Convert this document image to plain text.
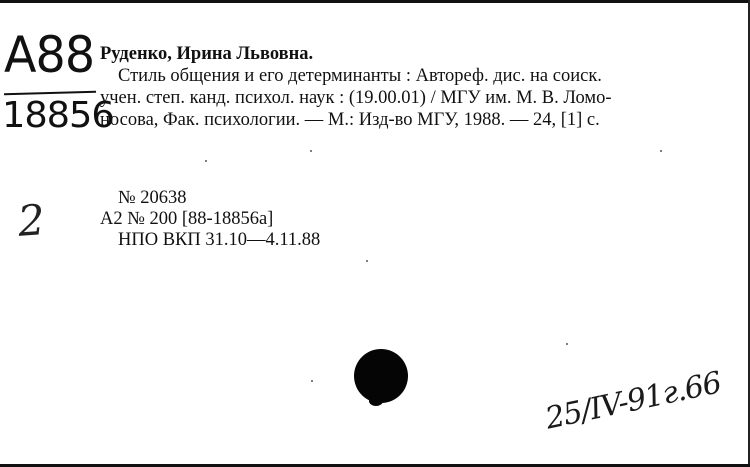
A88
18856

Руденко, Ирина Львовна.

Стиль общения и его детерминанты : Автореф. дис. на соиск.

учен. степ. канд. психол. наук : (19.00.01) / МГУ им. М. В. Ломо-

носова, Фак. психологии. — М.: Изд-во МГУ, 1988. — 24, [1] с.

2	№ 20638

А2 № 200 [88-18856а]

НПО ВКП 31.10—4.11.88

25/IV-91г.66
